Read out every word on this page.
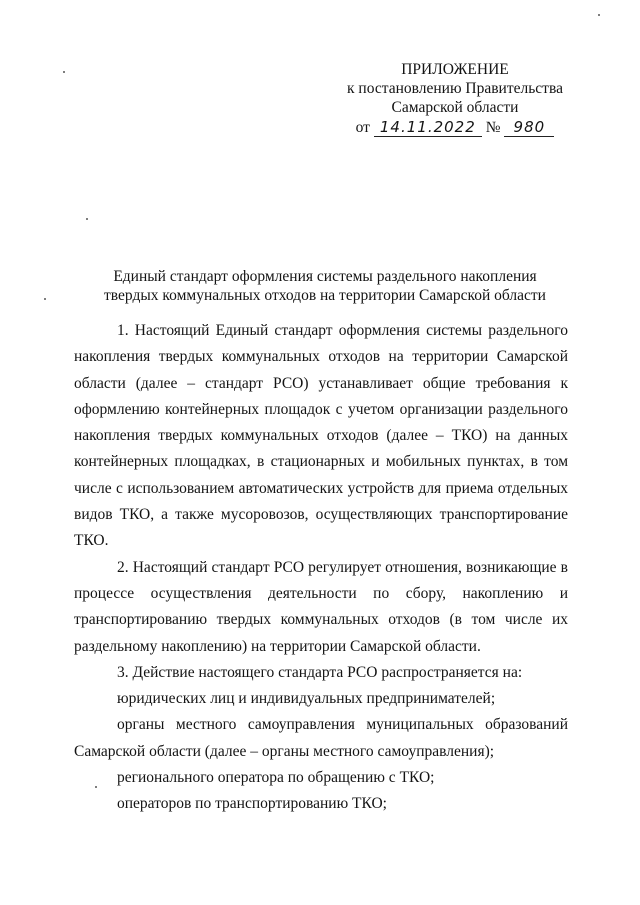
ПРИЛОЖЕНИЕ
к постановлению Правительства
Самарской области
от 14.11.2022 № 980
Единый стандарт оформления системы раздельного накопления
твердых коммунальных отходов на территории Самарской области

1. Настоящий Единый стандарт оформления системы раздельного накопления твердых коммунальных отходов на территории Самарской области (далее – стандарт РСО) устанавливает общие требования к оформлению контейнерных площадок с учетом организации раздельного накопления твердых коммунальных отходов (далее – ТКО) на данных контейнерных площадках, в стационарных и мобильных пунктах, в том числе с использованием автоматических устройств для приема отдельных видов ТКО, а также мусоровозов, осуществляющих транспортирование ТКО.

2. Настоящий стандарт РСО регулирует отношения, возникающие в процессе осуществления деятельности по сбору, накоплению и транспортированию твердых коммунальных отходов (в том числе их раздельному накоплению) на территории Самарской области.

3. Действие настоящего стандарта РСО распространяется на:

юридических лиц и индивидуальных предпринимателей;

органы местного самоуправления муниципальных образований Самарской области (далее – органы местного самоуправления);

регионального оператора по обращению с ТКО;

операторов по транспортированию ТКО;
